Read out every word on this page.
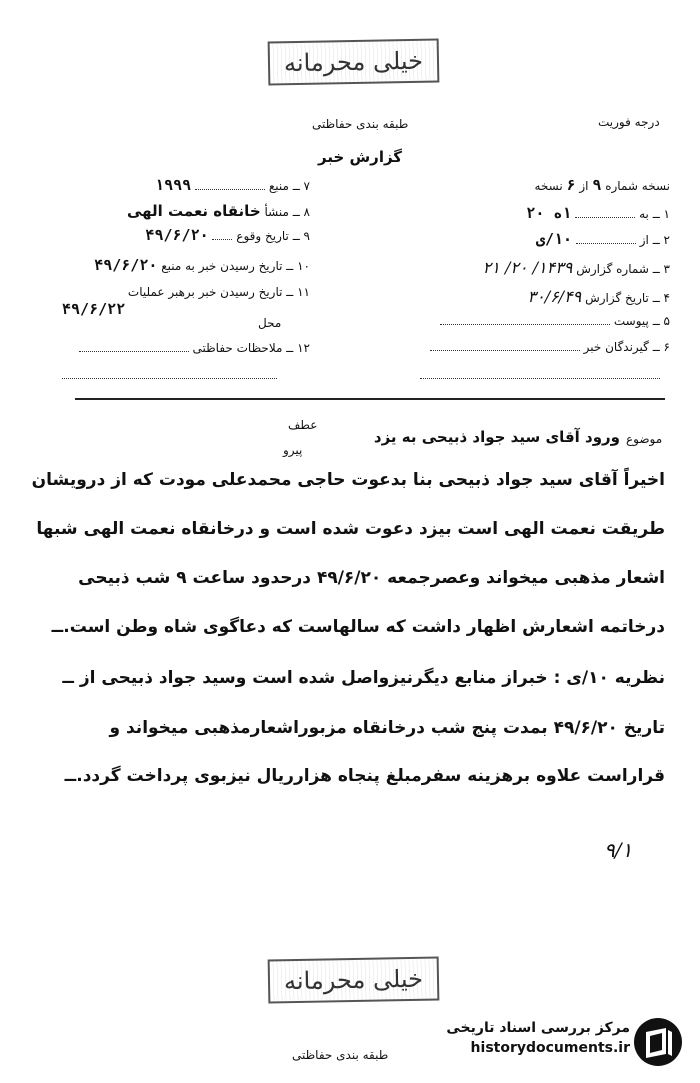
خیلی محرمانه
درجه فوریت
طبقه بندی حفاظتی
گزارش خبر
نسخه شماره ۹ از ۶ نسخه
۱ ــ به  ۱ه ۲۰
۲ ــ از  ۱۰/ی
۳ ــ شماره گزارش ۱۴۳۹/ ۲۰/ ۲۱
۴ ــ تاریخ گزارش ۳۰/۶/۴۹
۵ ــ پیوست
۶ ــ گیرندگان خبر
۷ ــ منبع  ۱۹۹۹
۸ ــ منشأ خانقاه نعمت الهی
۹ ــ تاریخ وقوع  ۴۹/۶/۲۰
۱۰ ــ تاریخ رسیدن خبر به منبع ۴۹/۶/۲۰
۱۱ ــ تاریخ رسیدن خبر برهبر عملیات
۴۹/۶/۲۲
محل
۱۲ ــ ملاحظات حفاظتی
عطف
پیرو
موضوع
ورود آقای سید جواد ذبیحی به یزد
اخیراً آقای سید جواد ذبیحی بنا بدعوت حاجی محمدعلی مودت که از درویشان
طریقت نعمت الهی است بیزد دعوت شده است و درخانقاه نعمت الهی شبها
اشعار مذهبی میخواند وعصرجمعه ۴۹/۶/۲۰ درحدود ساعت ۹ شب ذبیحی
درخاتمه اشعارش اظهار داشت که سالهاست که دعاگوی شاه وطن است.ــ
نظریه ۱۰/ی : خبراز منابع دیگرنیزواصل شده است وسید جواد ذبیحی از ــ
تاریخ ۴۹/۶/۲۰ بمدت پنج شب درخانقاه مزبوراشعارمذهبی میخواند و
قراراست علاوه برهزینه سفرمبلغ پنجاه هزارریال نیزبوی پرداخت گردد.ــ
۹/۱
خیلی محرمانه
طبقه بندی حفاظتی
مرکز بررسی اسناد تاریخی
historydocuments.ir
